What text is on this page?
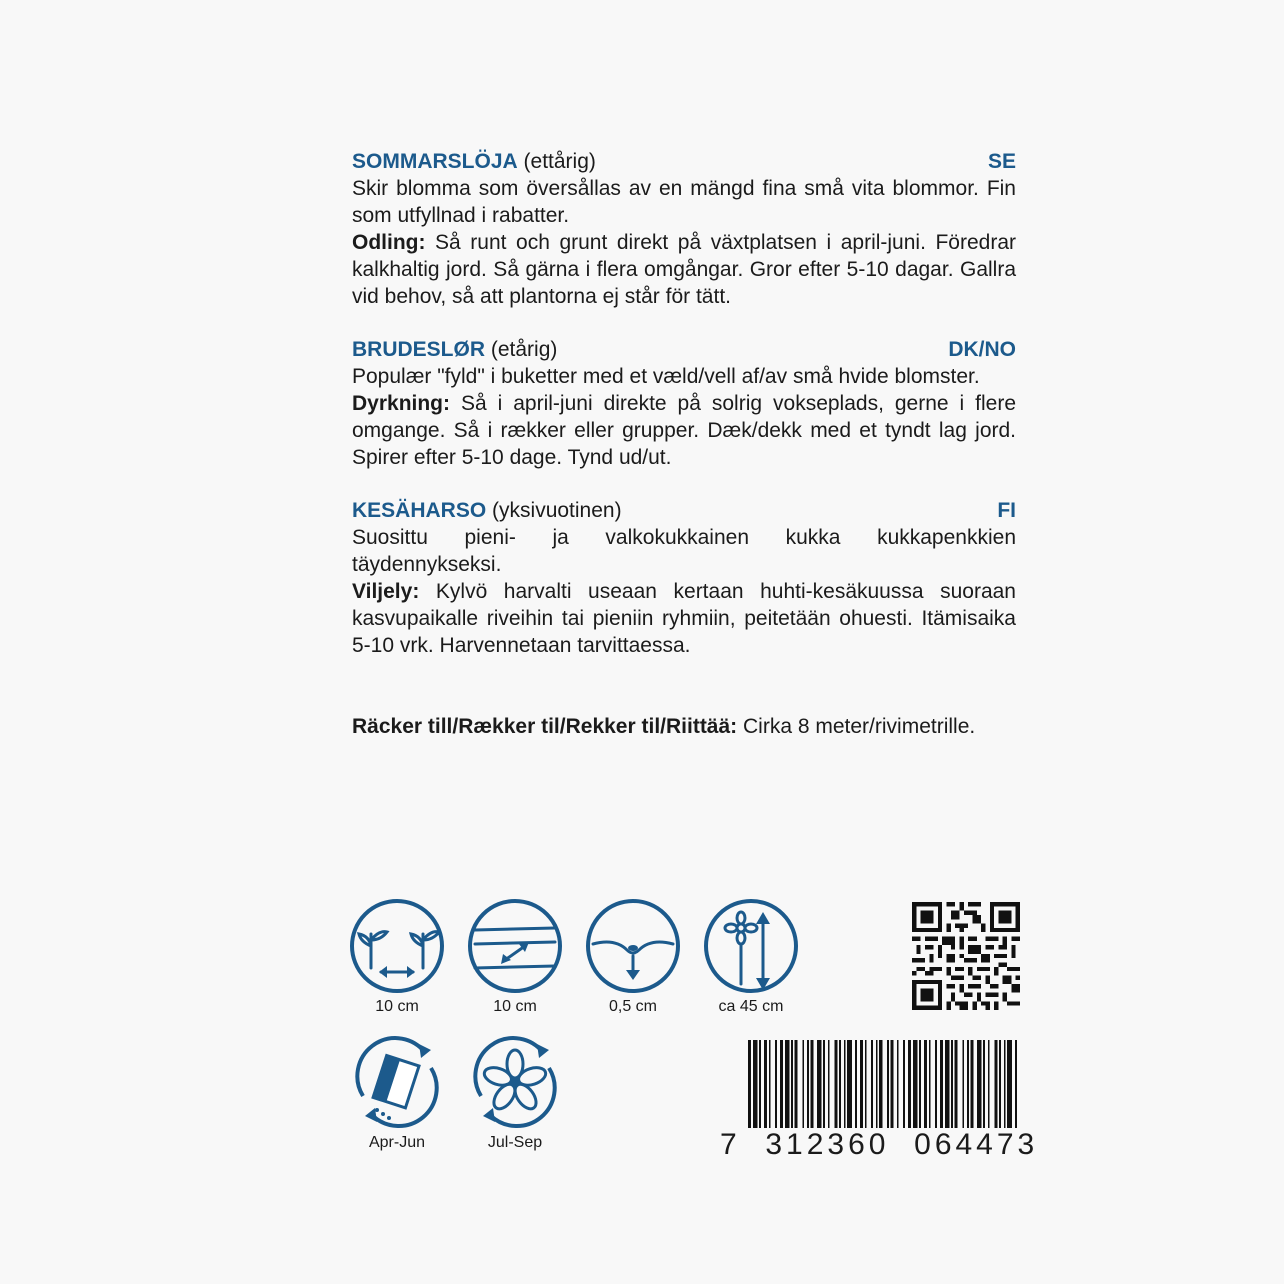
SOMMARSLÖJA (ettårig)	SE

Skir blomma som översållas av en mängd fina små vita blommor. Fin som utfyllnad i rabatter.

Odling: Så runt och grunt direkt på växtplatsen i april-juni. Föredrar kalkhaltig jord. Så gärna i flera omgångar. Gror efter 5-10 dagar. Gallra vid behov, så att plantorna ej står för tätt.

BRUDESLØR (etårig)	DK/NO

Populær "fyld" i buketter med et væld/vell af/av små hvide blomster.

Dyrkning: Så i april-juni direkte på solrig vokseplads, gerne i flere omgange. Så i rækker eller grupper. Dæk/dekk med et tyndt lag jord. Spirer efter 5-10 dage. Tynd ud/ut.

KESÄHARSO (yksivuotinen)	FI

Suosittu pieni- ja valkokukkainen kukka kukkapenkkien täydennykseksi.

Viljely: Kylvö harvalti useaan kertaan huhti-kesäkuussa suoraan kasvupaikalle riveihin tai pieniin ryhmiin, peitetään ohuesti. Itämisaika 5-10 vrk. Harvennetaan tarvittaessa.

Räcker till/Rækker til/Rekker til/Riittää: Cirka 8 meter/rivimetrille.
10 cm	10 cm	0,5 cm	ca 45 cm
Apr-Jun	Jul-Sep	7  312360  064473
